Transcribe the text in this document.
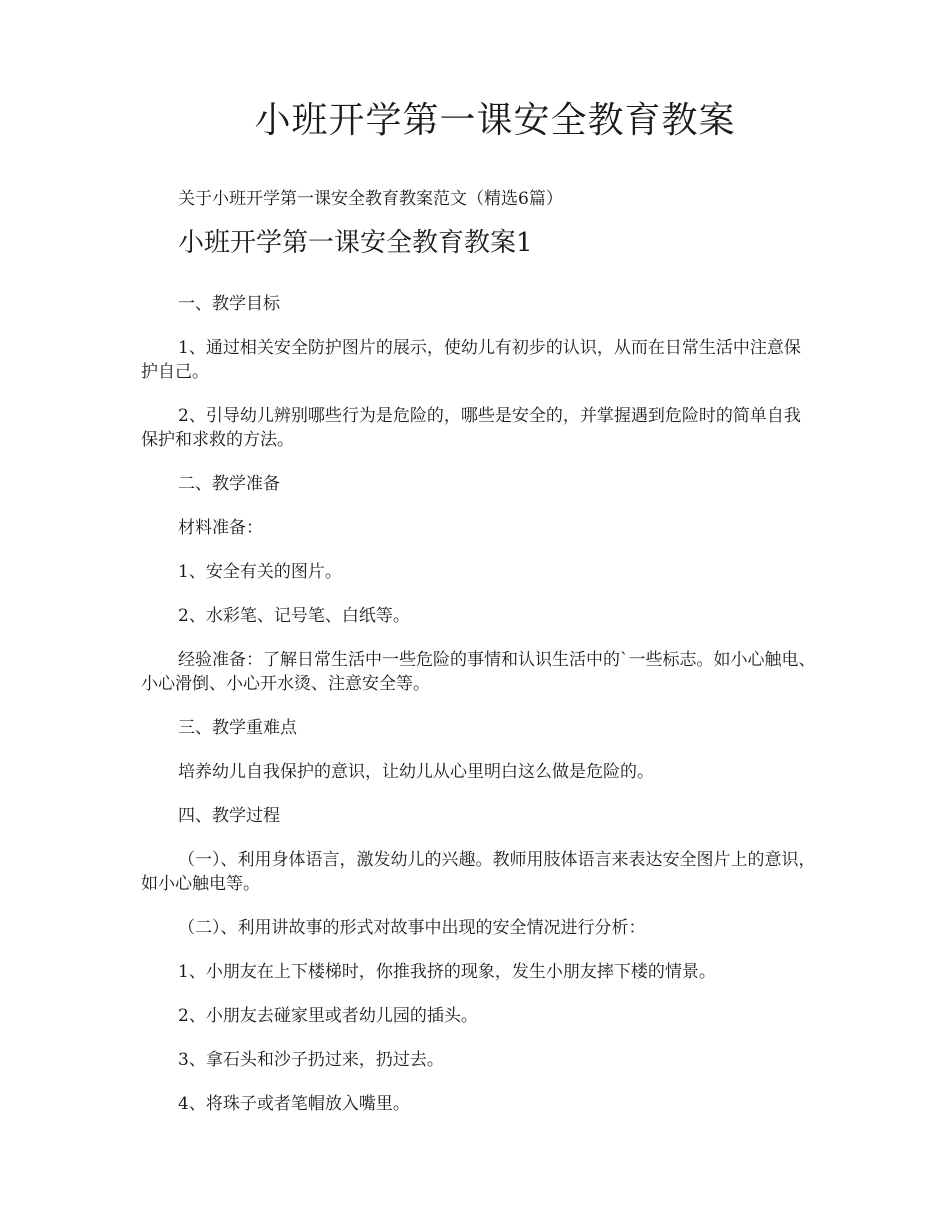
小班开学第一课安全教育教案

关于小班开学第一课安全教育教案范文（精选6篇）

小班开学第一课安全教育教案1

一、教学目标

1、通过相关安全防护图片的展示，使幼儿有初步的认识，从而在日常生活中注意保护自己。

2、引导幼儿辨别哪些行为是危险的，哪些是安全的，并掌握遇到危险时的简单自我保护和求救的方法。

二、教学准备

材料准备：

1、安全有关的图片。

2、水彩笔、记号笔、白纸等。

经验准备：了解日常生活中一些危险的事情和认识生活中的`一些标志。如小心触电、小心滑倒、小心开水烫、注意安全等。

三、教学重难点

培养幼儿自我保护的意识，让幼儿从心里明白这么做是危险的。

四、教学过程

（一）、利用身体语言，激发幼儿的兴趣。教师用肢体语言来表达安全图片上的意识，如小心触电等。

（二）、利用讲故事的形式对故事中出现的安全情况进行分析：

1、小朋友在上下楼梯时，你推我挤的现象，发生小朋友摔下楼的情景。

2、小朋友去碰家里或者幼儿园的插头。

3、拿石头和沙子扔过来，扔过去。

4、将珠子或者笔帽放入嘴里。
